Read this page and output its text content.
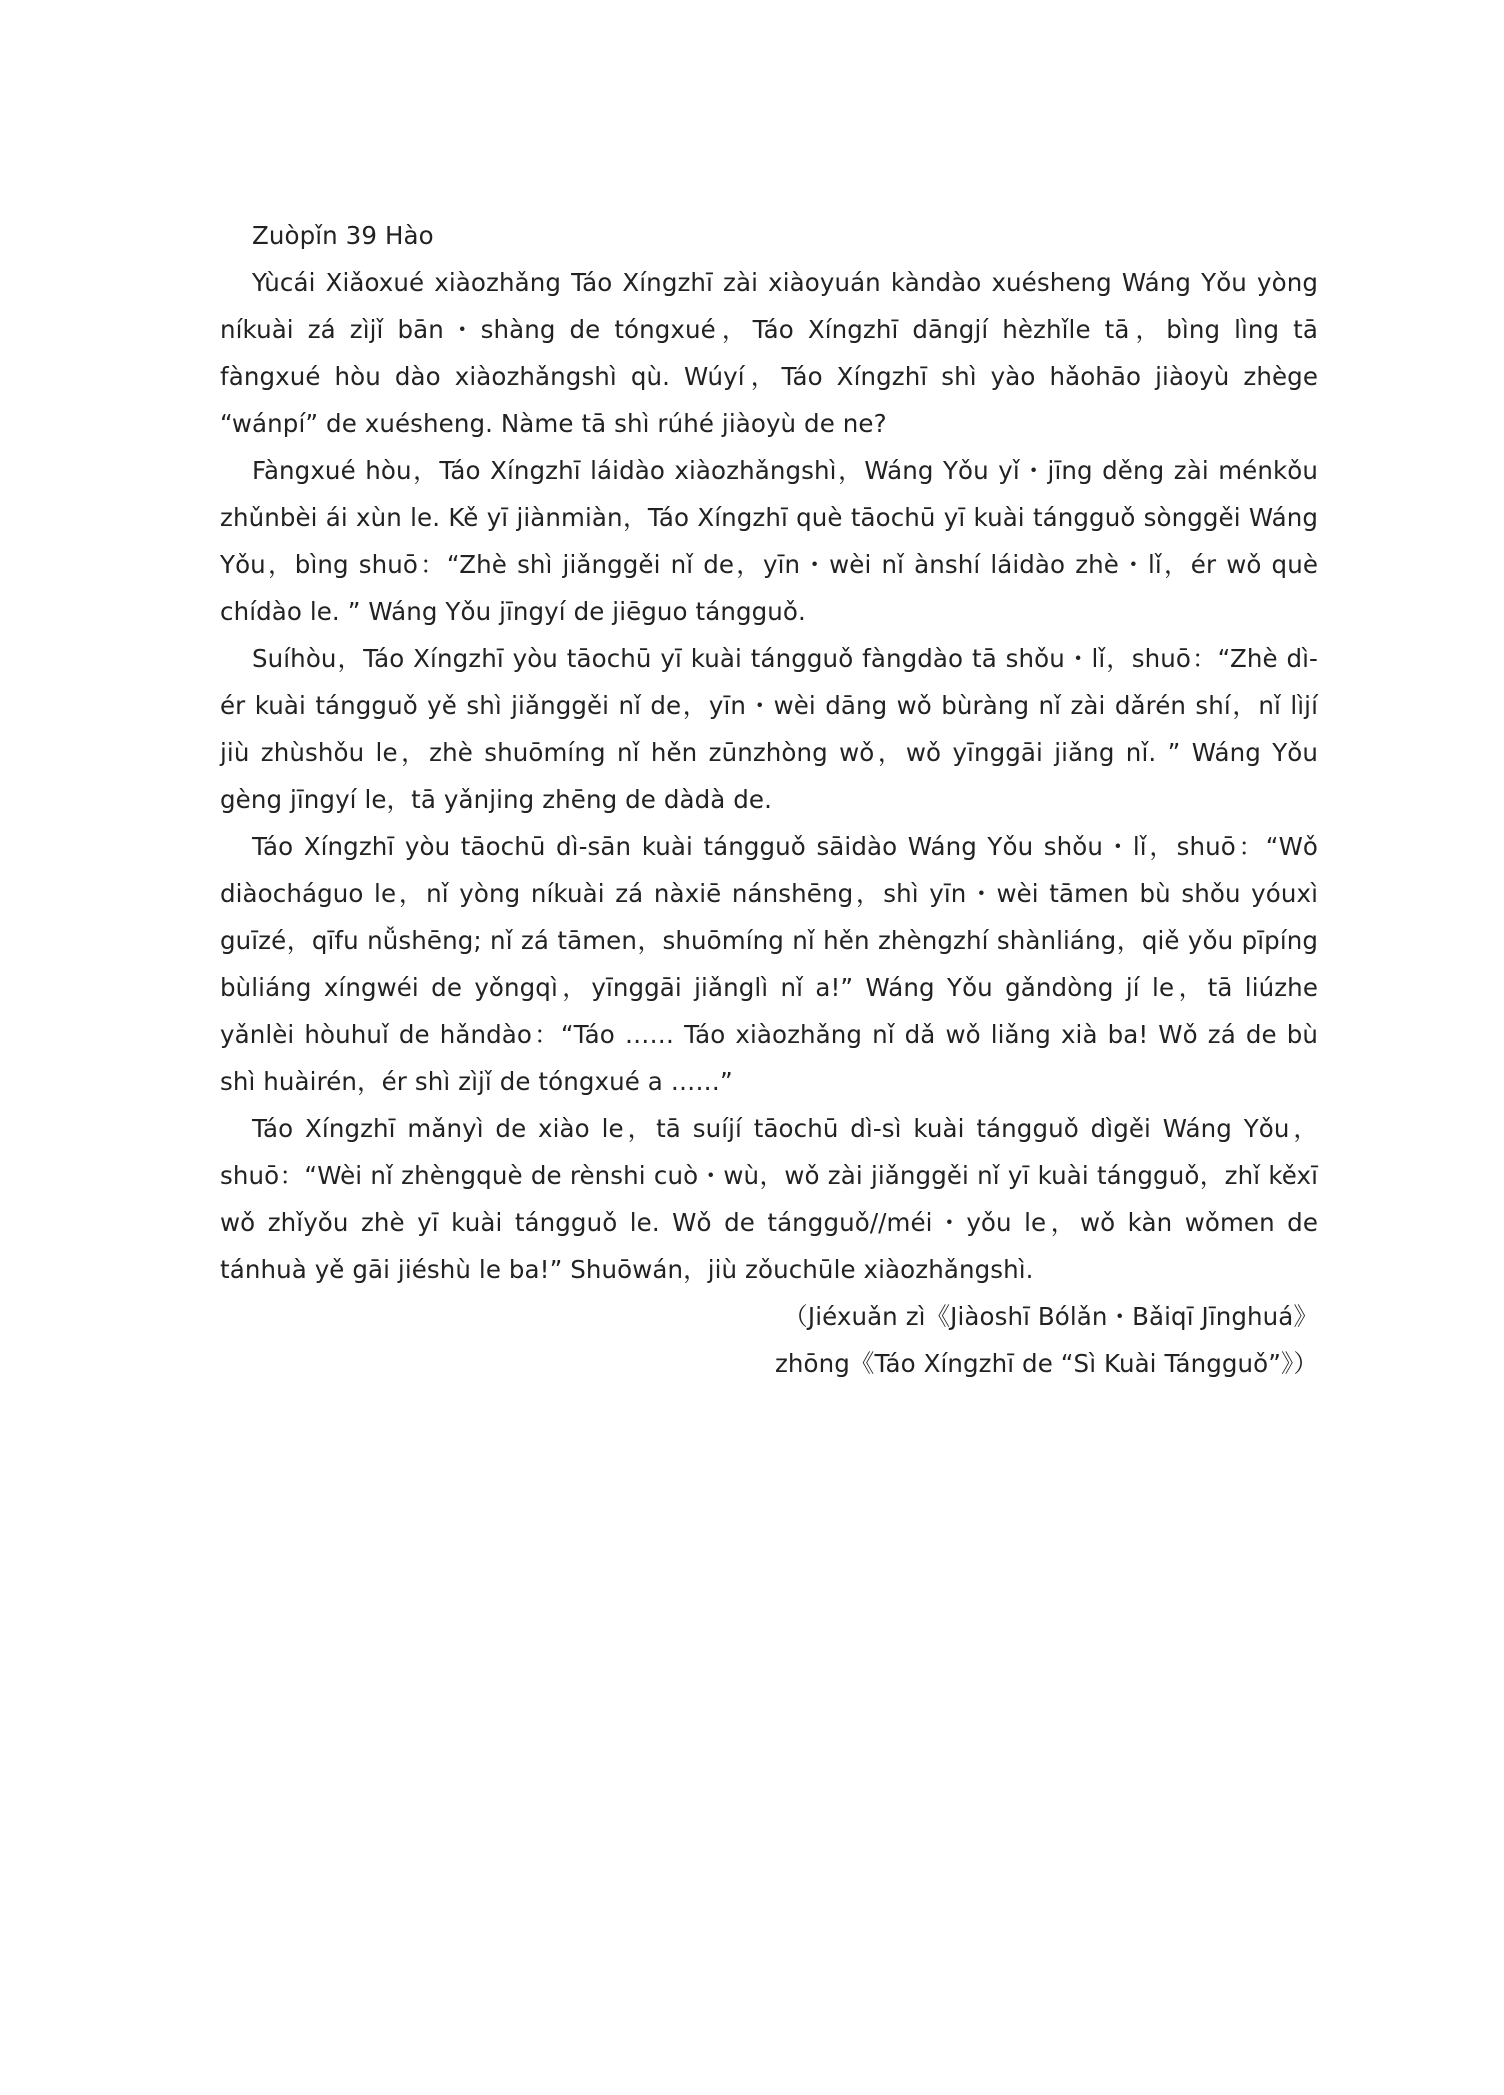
Zuòpǐn 39 Hào

Yùcái Xiǎoxué xiàozhǎng Táo Xíngzhī zài xiàoyuán kàndào xuésheng Wáng Yǒu yòng níkuài zá zìjǐ bān・shàng de tóngxué，Táo Xíngzhī dāngjí hèzhǐle tā，bìng lìng tā fàngxué hòu dào xiàozhǎngshì qù. Wúyí，Táo Xíngzhī shì yào hǎohāo jiàoyù zhège “wánpí” de xuésheng. Nàme tā shì rúhé jiàoyù de ne?

Fàngxué hòu，Táo Xíngzhī láidào xiàozhǎngshì，Wáng Yǒu yǐ・jīng děng zài ménkǒu zhǔnbèi ái xùn le. Kě yī jiànmiàn，Táo Xíngzhī què tāochū yī kuài tángguǒ sònggěi Wáng Yǒu，bìng shuō：“Zhè shì jiǎnggěi nǐ de，yīn・wèi nǐ ànshí láidào zhè・lǐ，ér wǒ què chídào le. ” Wáng Yǒu jīngyí de jiēguo tángguǒ.

Suíhòu，Táo Xíngzhī yòu tāochū yī kuài tángguǒ fàngdào tā shǒu・lǐ，shuō：“Zhè dì-ér kuài tángguǒ yě shì jiǎnggěi nǐ de，yīn・wèi dāng wǒ bùràng nǐ zài dǎrén shí，nǐ lìjí jiù zhùshǒu le，zhè shuōmíng nǐ hěn zūnzhòng wǒ，wǒ yīnggāi jiǎng nǐ. ” Wáng Yǒu gèng jīngyí le，tā yǎnjing zhēng de dàdà de.

Táo Xíngzhī yòu tāochū dì-sān kuài tángguǒ sāidào Wáng Yǒu shǒu・lǐ，shuō：“Wǒ diàocháguo le，nǐ yòng níkuài zá nàxiē nánshēng，shì yīn・wèi tāmen bù shǒu yóuxì guīzé，qīfu nǚshēng; nǐ zá tāmen，shuōmíng nǐ hěn zhèngzhí shànliáng，qiě yǒu pīpíng bùliáng xíngwéi de yǒngqì，yīnggāi jiǎnglì nǐ a!” Wáng Yǒu gǎndòng jí le，tā liúzhe yǎnlèi hòuhuǐ de hǎndào：“Táo …… Táo xiàozhǎng nǐ dǎ wǒ liǎng xià ba! Wǒ zá de bù shì huàirén，ér shì zìjǐ de tóngxué a ……”

Táo Xíngzhī mǎnyì de xiào le，tā suíjí tāochū dì-sì kuài tángguǒ dìgěi Wáng Yǒu，shuō：“Wèi nǐ zhèngquè de rènshi cuò・wù，wǒ zài jiǎnggěi nǐ yī kuài tángguǒ，zhǐ kěxī wǒ zhǐyǒu zhè yī kuài tángguǒ le. Wǒ de tángguǒ//méi・yǒu le，wǒ kàn wǒmen de tánhuà yě gāi jiéshù le ba!” Shuōwán，jiù zǒuchūle xiàozhǎngshì.

（Jiéxuǎn zì《Jiàoshī Bólǎn・Bǎiqī Jīnghuá》
zhōng《Táo Xíngzhī de “Sì Kuài Tángguǒ”》）
